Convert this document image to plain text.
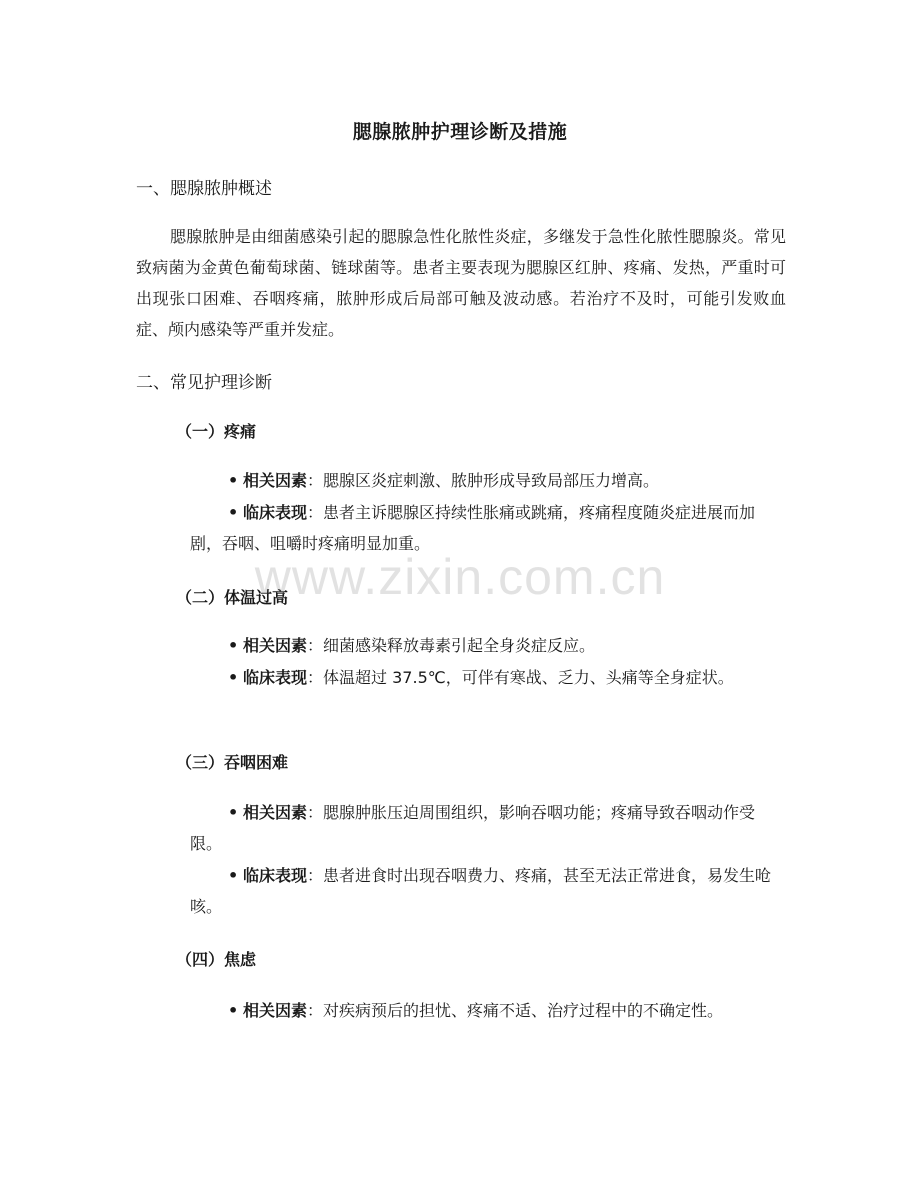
腮腺脓肿护理诊断及措施
一、腮腺脓肿概述
腮腺脓肿是由细菌感染引起的腮腺急性化脓性炎症，多继发于急性化脓性腮腺炎。常见致病菌为金黄色葡萄球菌、链球菌等。患者主要表现为腮腺区红肿、疼痛、发热，严重时可出现张口困难、吞咽疼痛，脓肿形成后局部可触及波动感。若治疗不及时，可能引发败血症、颅内感染等严重并发症。
二、常见护理诊断
（一）疼痛
• 相关因素：腮腺区炎症刺激、脓肿形成导致局部压力增高。
• 临床表现：患者主诉腮腺区持续性胀痛或跳痛，疼痛程度随炎症进展而加剧，吞咽、咀嚼时疼痛明显加重。
（二）体温过高
• 相关因素：细菌感染释放毒素引起全身炎症反应。
• 临床表现：体温超过 37.5℃，可伴有寒战、乏力、头痛等全身症状。
（三）吞咽困难
• 相关因素：腮腺肿胀压迫周围组织，影响吞咽功能；疼痛导致吞咽动作受限。
• 临床表现：患者进食时出现吞咽费力、疼痛，甚至无法正常进食，易发生呛咳。
（四）焦虑
• 相关因素：对疾病预后的担忧、疼痛不适、治疗过程中的不确定性。
www.zixin.com.cn
